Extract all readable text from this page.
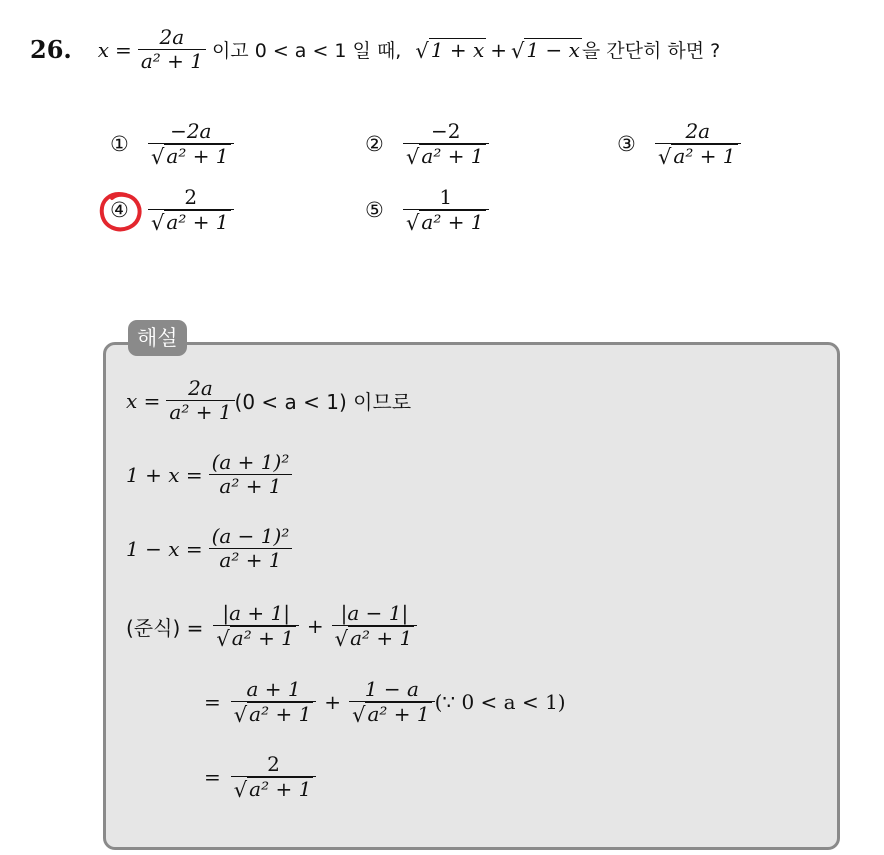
26. $x = \frac{2a}{\text{a² + 1}}$ 이고 0 < a < 1 일 때, √ 1 + x + √ 1 − x 을 간단히 하면 ?
① $\frac{-2a}{\text{√ a² + 1}}$	② $\frac{-2}{\text{√ a² + 1}}$	③ $\frac{2a}{\text{√ a² + 1}}$
④ $\frac{2}{\text{√ a² + 1}}$	⑤ $\frac{1}{\text{√ a² + 1}}$
해설
$x = \frac{2a}{\text{a² + 1}} (0 < a < 1)$ 이므로
$1 + x = \frac{\text{(a + 1)²}}{\text{a² + 1}}$
$1 - x = \frac{\text{(a − 1)²}}{\text{a² + 1}}$
(준식) = $\frac{|a + 1|}{\text{√ a² + 1}} + \frac{|a - 1|}{\text{√ a² + 1}}$
= $\frac{a + 1}{\text{√ a² + 1}} + \frac{1 - a}{\text{√ a² + 1}}$ (∵ 0 < a < 1)
= $\frac{2}{\text{√ a² + 1}}$
